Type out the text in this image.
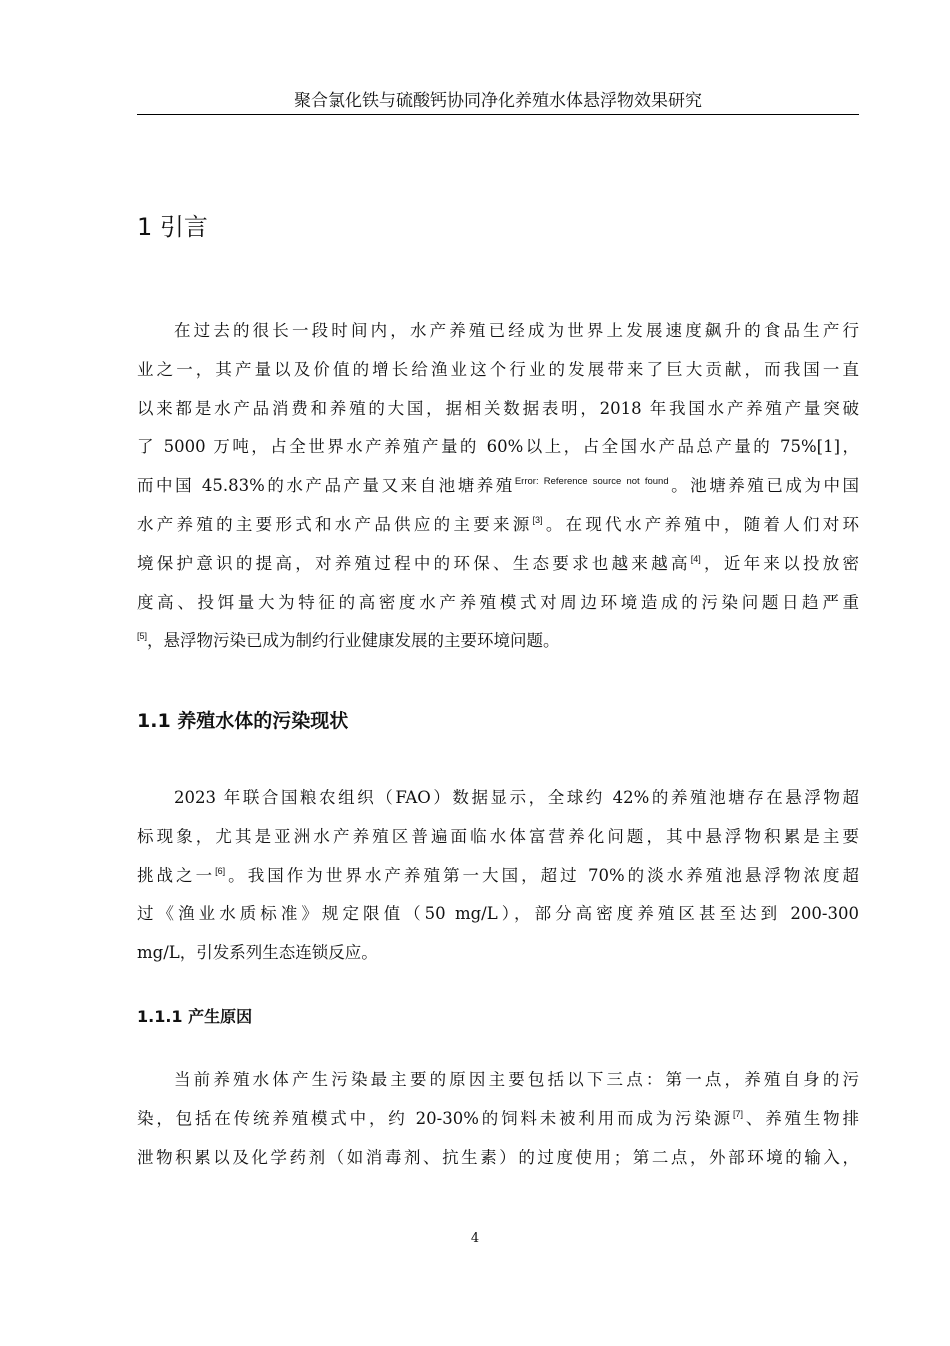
聚合氯化铁与硫酸钙协同净化养殖水体悬浮物效果研究
1 引言
在过去的很长一段时间内，水产养殖已经成为世界上发展速度飙升的食品生产行
业之一，其产量以及价值的增长给渔业这个行业的发展带来了巨大贡献，而我国一直
以来都是水产品消费和养殖的大国，据相关数据表明，2018 年我国水产养殖产量突破
了 5000 万吨，占全世界水产养殖产量的 60%以上，占全国水产品总产量的 75%[1]，
而中国 45.83%的水产品产量又来自池塘养殖$^{Error: Reference source not found}$。池塘养殖已成为中国
水产养殖的主要形式和水产品供应的主要来源[3]。在现代水产养殖中，随着人们对环
境保护意识的提高，对养殖过程中的环保、生态要求也越来越高[4]，近年来以投放密
度高、投饵量大为特征的高密度水产养殖模式对周边环境造成的污染问题日趋严重
[5]，悬浮物污染已成为制约行业健康发展的主要环境问题。
1.1 养殖水体的污染现状
2023 年联合国粮农组织（FAO）数据显示，全球约 42%的养殖池塘存在悬浮物超
标现象，尤其是亚洲水产养殖区普遍面临水体富营养化问题，其中悬浮物积累是主要
挑战之一[6]。我国作为世界水产养殖第一大国，超过 70%的淡水养殖池悬浮物浓度超
过《渔业水质标准》规定限值（50 mg/L），部分高密度养殖区甚至达到 200-300
mg/L，引发系列生态连锁反应。
1.1.1 产生原因
当前养殖水体产生污染最主要的原因主要包括以下三点：第一点，养殖自身的污
染，包括在传统养殖模式中，约 20-30%的饲料未被利用而成为污染源[7]、养殖生物排
泄物积累以及化学药剂（如消毒剂、抗生素）的过度使用；第二点，外部环境的输入，
4
